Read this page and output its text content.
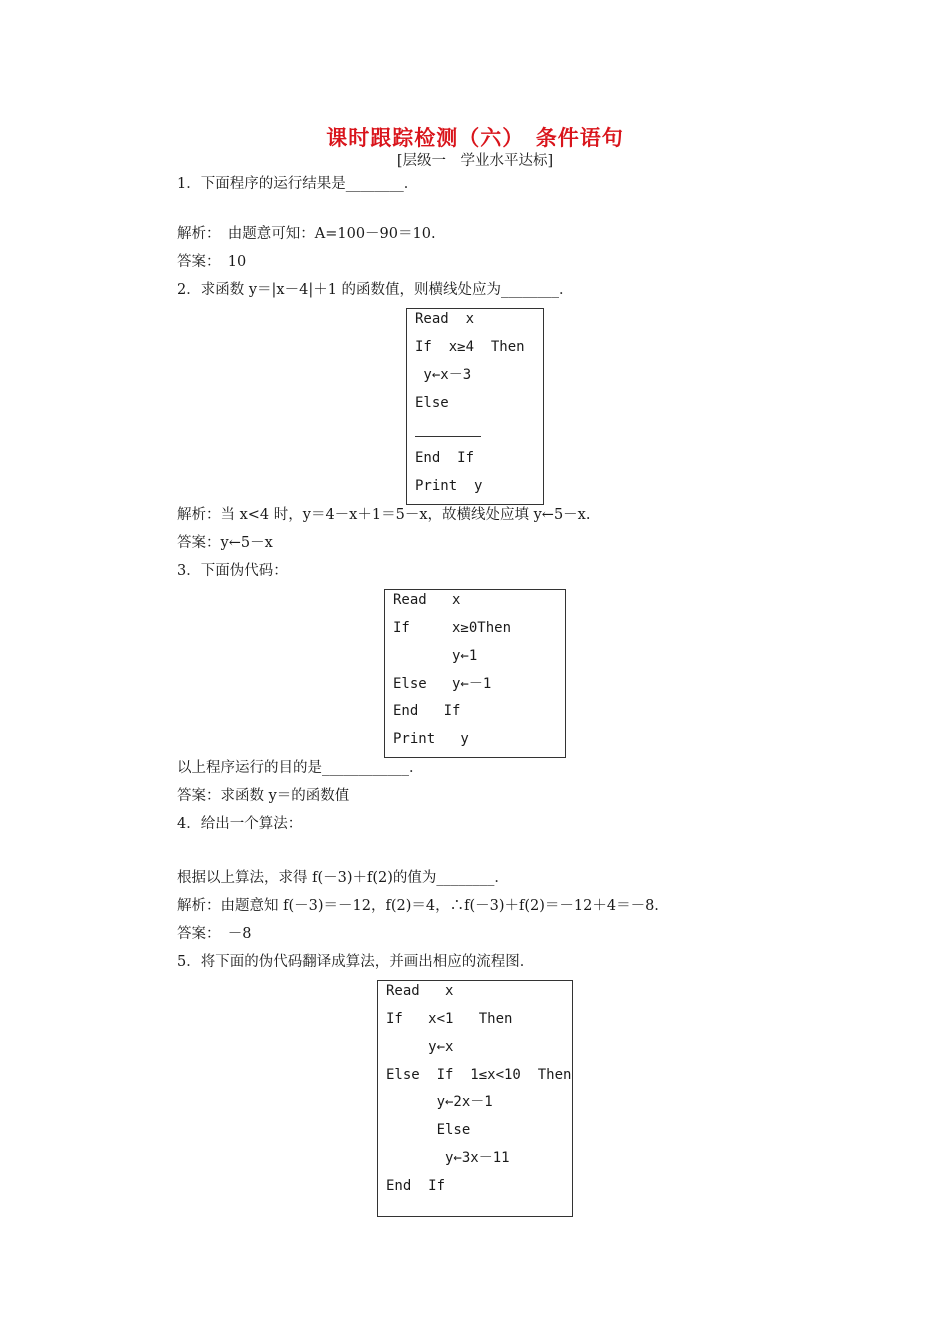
课时跟踪检测（六）　条件语句
[层级一　学业水平达标]
1．下面程序的运行结果是________．
解析：　由题意可知：A=100－90＝10.
答案：　10
2．求函数 y＝|x－4|＋1 的函数值，则横线处应为________．
Read  x
If  x≥4  Then
y←x－3
Else
End  If
Print  y
解析：当 x<4 时，y＝4－x＋1＝5－x，故横线处应填 y←5－x.
答案：y←5－x
3．下面伪代码：
Read   x
If     x≥0Then
y←1
Else   y←－1
End   If
Print   y
以上程序运行的目的是____________．
答案：求函数 y＝的函数值
4．给出一个算法：
根据以上算法，求得 f(－3)＋f(2)的值为________．
解析：由题意知 f(－3)＝－12，f(2)＝4，∴f(－3)＋f(2)＝－12＋4＝－8.
答案：　－8
5．将下面的伪代码翻译成算法，并画出相应的流程图．
Read   x
If   x<1   Then
y←x
Else  If  1≤x<10  Then
y←2x－1
Else
y←3x－11
End  If
